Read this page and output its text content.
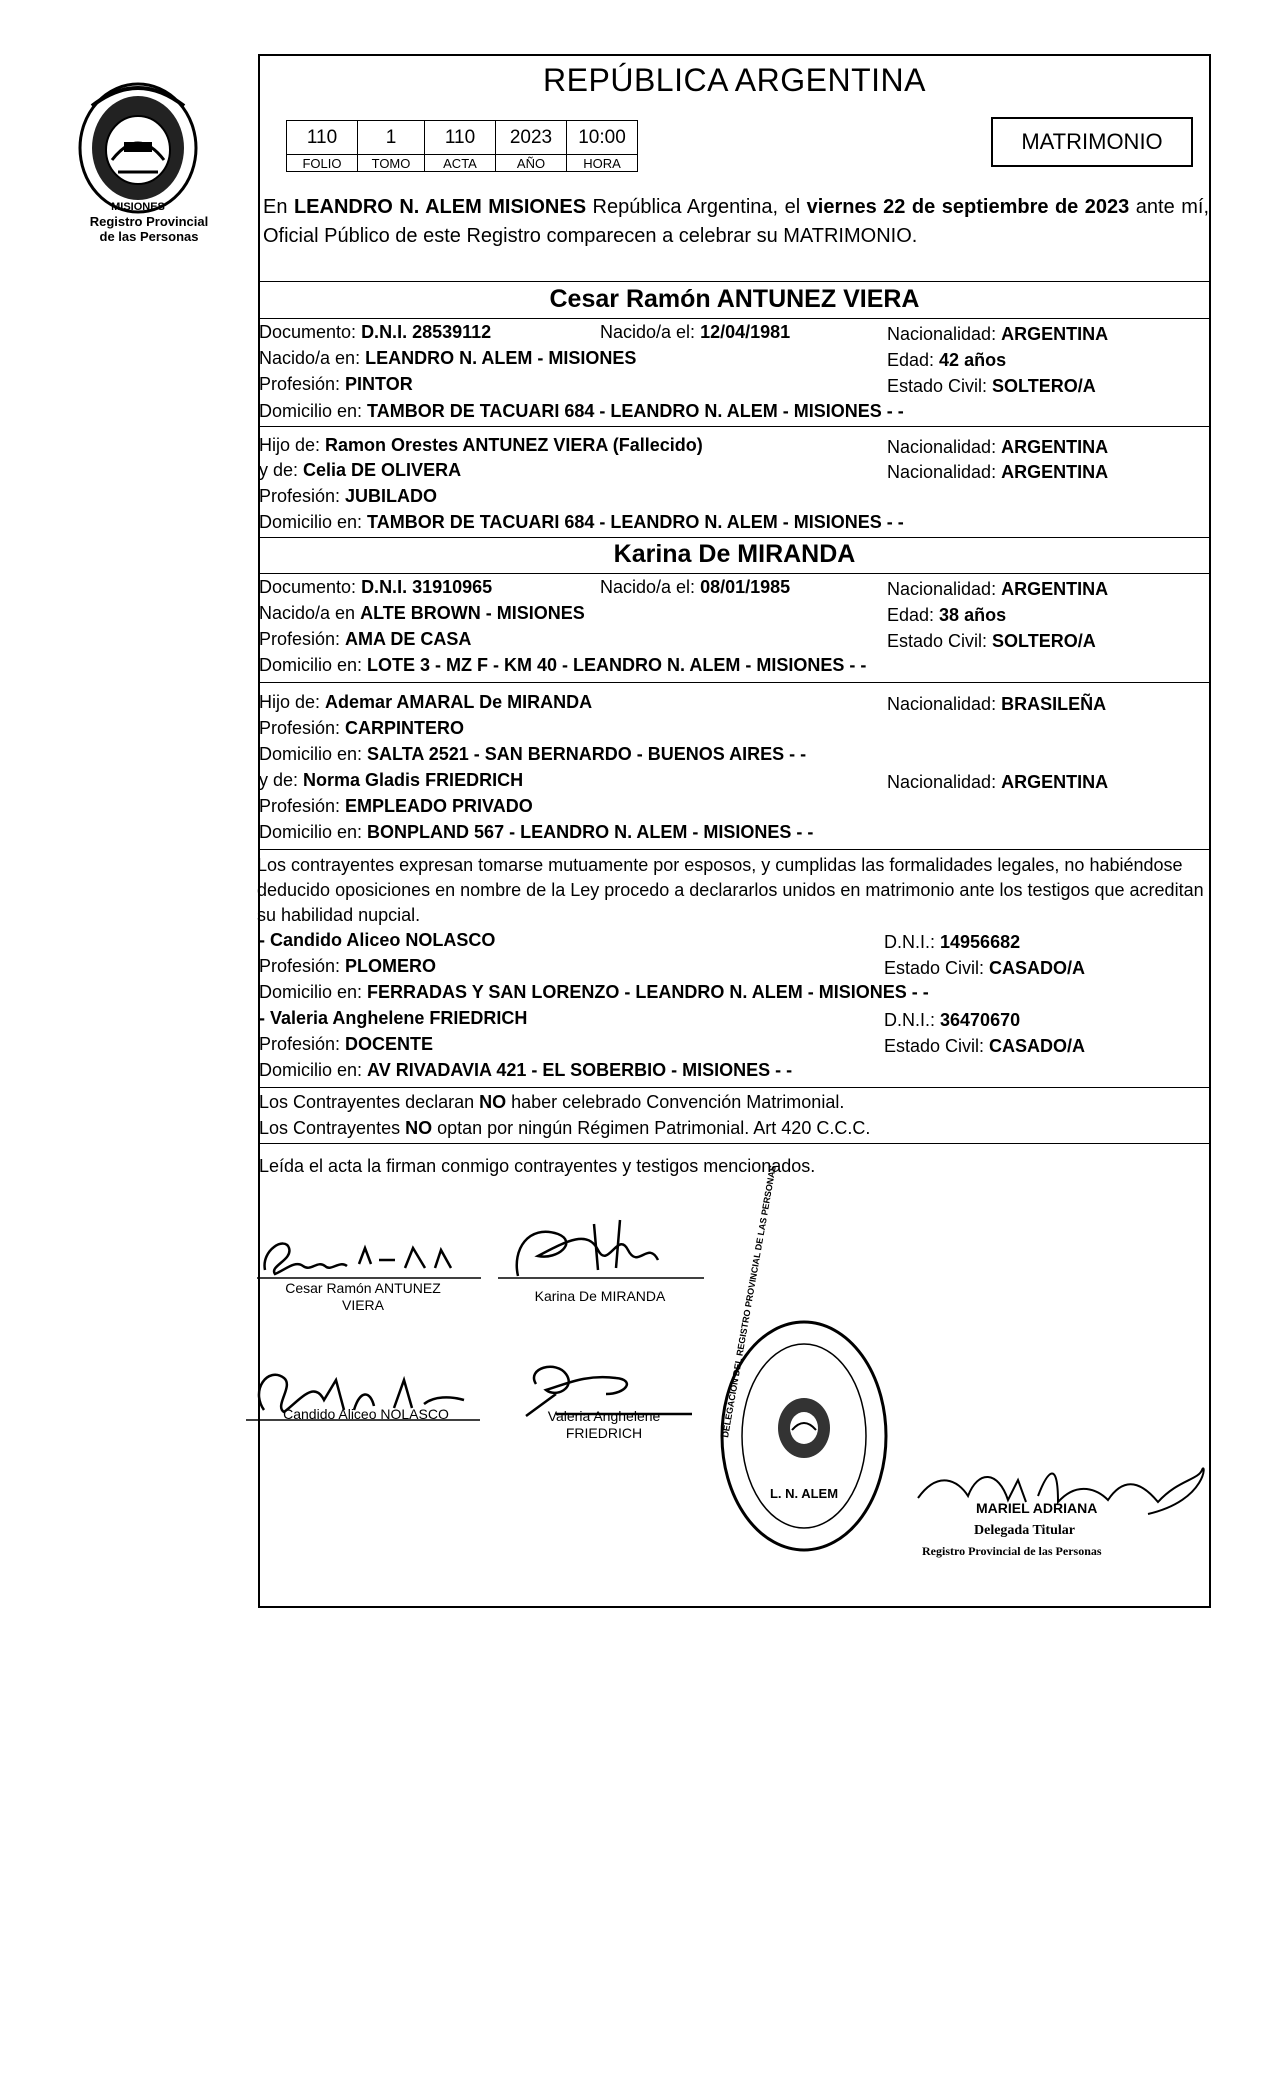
MISIONES
Registro Provincial
de las Personas
REPÚBLICA ARGENTINA
110	1	110	2023	10:00
FOLIO	TOMO	ACTA	AÑO	HORA
MATRIMONIO
En LEANDRO N. ALEM MISIONES República Argentina, el viernes 22 de septiembre de 2023 ante mí, Oficial Público de este Registro comparecen a celebrar su MATRIMONIO.
Cesar Ramón ANTUNEZ VIERA
Documento: D.N.I. 28539112	Nacido/a el: 12/04/1981	Nacionalidad: ARGENTINA
Nacido/a en: LEANDRO N. ALEM - MISIONES	Edad: 42 años
Profesión: PINTOR	Estado Civil: SOLTERO/A
Domicilio en: TAMBOR DE TACUARI 684 - LEANDRO N. ALEM - MISIONES - -
Hijo de: Ramon Orestes ANTUNEZ VIERA (Fallecido)	Nacionalidad: ARGENTINA
y de: Celia DE OLIVERA	Nacionalidad: ARGENTINA
Profesión: JUBILADO
Domicilio en: TAMBOR DE TACUARI 684 - LEANDRO N. ALEM - MISIONES - -
Karina De MIRANDA
Documento: D.N.I. 31910965	Nacido/a el: 08/01/1985	Nacionalidad: ARGENTINA
Nacido/a en ALTE BROWN - MISIONES	Edad: 38 años
Profesión: AMA DE CASA	Estado Civil: SOLTERO/A
Domicilio en: LOTE 3 - MZ F - KM 40 - LEANDRO N. ALEM - MISIONES - -
Hijo de: Ademar AMARAL De MIRANDA	Nacionalidad: BRASILEÑA
Profesión: CARPINTERO
Domicilio en: SALTA 2521 - SAN BERNARDO - BUENOS AIRES - -
y de: Norma Gladis FRIEDRICH	Nacionalidad: ARGENTINA
Profesión: EMPLEADO PRIVADO
Domicilio en: BONPLAND 567 - LEANDRO N. ALEM - MISIONES - -
Los contrayentes expresan tomarse mutuamente por esposos, y cumplidas las formalidades legales, no habiéndose deducido oposiciones en nombre de la Ley procedo a declararlos unidos en matrimonio ante los testigos que acreditan su habilidad nupcial.
- Candido Aliceo NOLASCO	D.N.I.: 14956682
Profesión: PLOMERO	Estado Civil: CASADO/A
Domicilio en: FERRADAS Y SAN LORENZO - LEANDRO N. ALEM - MISIONES - -
- Valeria Anghelene FRIEDRICH	D.N.I.: 36470670
Profesión: DOCENTE	Estado Civil: CASADO/A
Domicilio en: AV RIVADAVIA 421 - EL SOBERBIO - MISIONES - -
Los Contrayentes declaran NO haber celebrado Convención Matrimonial.
Los Contrayentes NO optan por ningún Régimen Patrimonial. Art 420 C.C.C.
Leída el acta la firman conmigo contrayentes y testigos mencionados.
Cesar Ramón ANTUNEZ
VIERA
Karina De MIRANDA
Candido Aliceo NOLASCO	Valeria Anghelene
FRIEDRICH
L. N. ALEM
DELEGACION DEL REGISTRO PROVINCIAL DE LAS PERSONAS
MARIEL ADRIANA
Delegada Titular
Registro Provincial de las Personas
